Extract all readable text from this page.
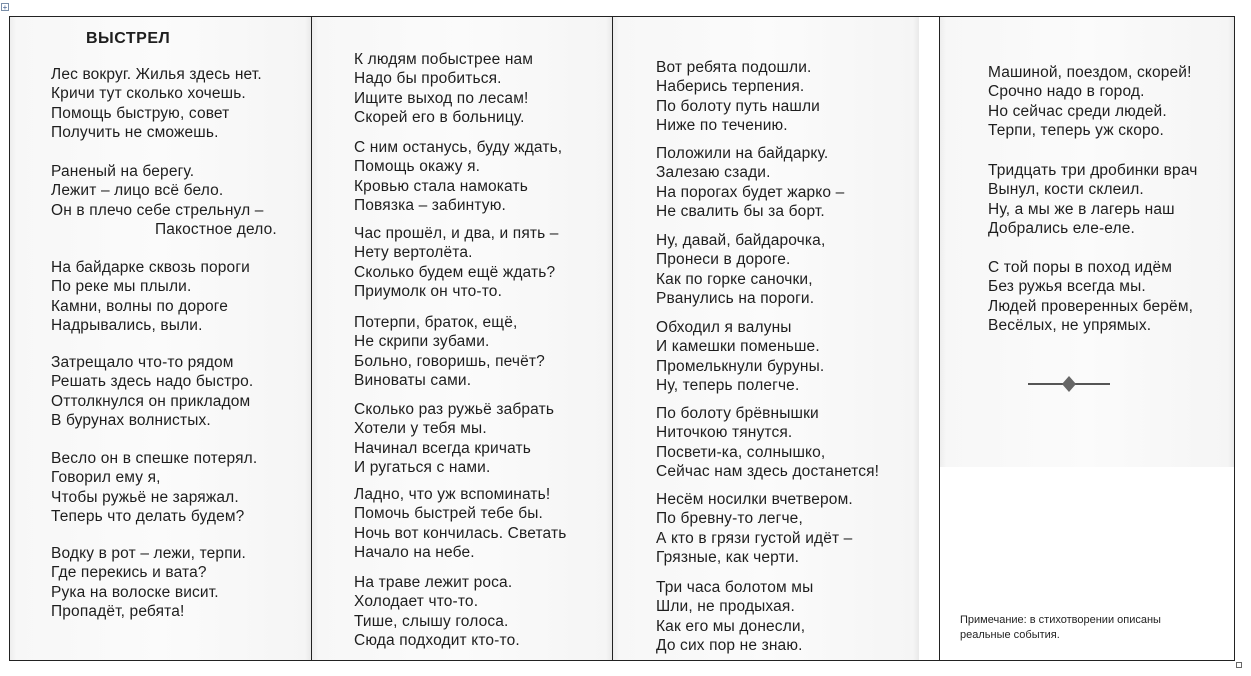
+

ВЫСТРЕЛ
Лес вокруг. Жилья здесь нет.
Кричи тут сколько хочешь.
Помощь быструю, совет
Получить не сможешь.
Раненый на берегу.
Лежит – лицо всё бело.
Он в плечо себе стрельнул –
Пакостное дело.
На байдарке сквозь пороги
По реке мы плыли.
Камни, волны по дороге
Надрывались, выли.
Затрещало что-то рядом
Решать здесь надо быстро.
Оттолкнулся он прикладом
В бурунах волнистых.
Весло он в спешке потерял.
Говорил ему я,
Чтобы ружьё не заряжал.
Теперь что делать будем?
Водку в рот – лежи, терпи.
Где перекись и вата?
Рука на волоске висит.
Пропадёт, ребята!
К людям побыстрее нам
Надо бы пробиться.
Ищите выход по лесам!
Скорей его в больницу.
С ним останусь, буду ждать,
Помощь окажу я.
Кровью стала намокать
Повязка – забинтую.
Час прошёл, и два, и пять –
Нету вертолёта.
Сколько будем ещё ждать?
Приумолк он что-то.
Потерпи, браток, ещё,
Не скрипи зубами.
Больно, говоришь, печёт?
Виноваты сами.
Сколько раз ружьё забрать
Хотели у тебя мы.
Начинал всегда кричать
И ругаться с нами.
Ладно, что уж вспоминать!
Помочь быстрей тебе бы.
Ночь вот кончилась. Светать
Начало на небе.
На траве лежит роса.
Холодает что-то.
Тише, слышу голоса.
Сюда подходит кто-то.
Вот ребята подошли.
Наберись терпения.
По болоту путь нашли
Ниже по течению.
Положили на байдарку.
Залезаю сзади.
На порогах будет жарко –
Не свалить бы за борт.
Ну, давай, байдарочка,
Пронеси в дороге.
Как по горке саночки,
Рванулись на пороги.
Обходил я валуны
И камешки поменьше.
Промелькнули буруны.
Ну, теперь полегче.
По болоту брёвнышки
Ниточкою тянутся.
Посвети-ка, солнышко,
Сейчас нам здесь достанется!
Несём носилки вчетвером.
По бревну-то легче,
А кто в грязи густой идёт –
Грязные, как черти.
Три часа болотом мы
Шли, не продыхая.
Как его мы донесли,
До сих пор не знаю.
Машиной, поездом, скорей!
Срочно надо в город.
Но сейчас среди людей.
Терпи, теперь уж скоро.
Тридцать три дробинки врач
Вынул, кости склеил.
Ну, а мы же в лагерь наш
Добрались еле-еле.
С той поры в поход идём
Без ружья всегда мы.
Людей проверенных берём,
Весёлых, не упрямых.
Примечание: в стихотворении описаны реальные события.
